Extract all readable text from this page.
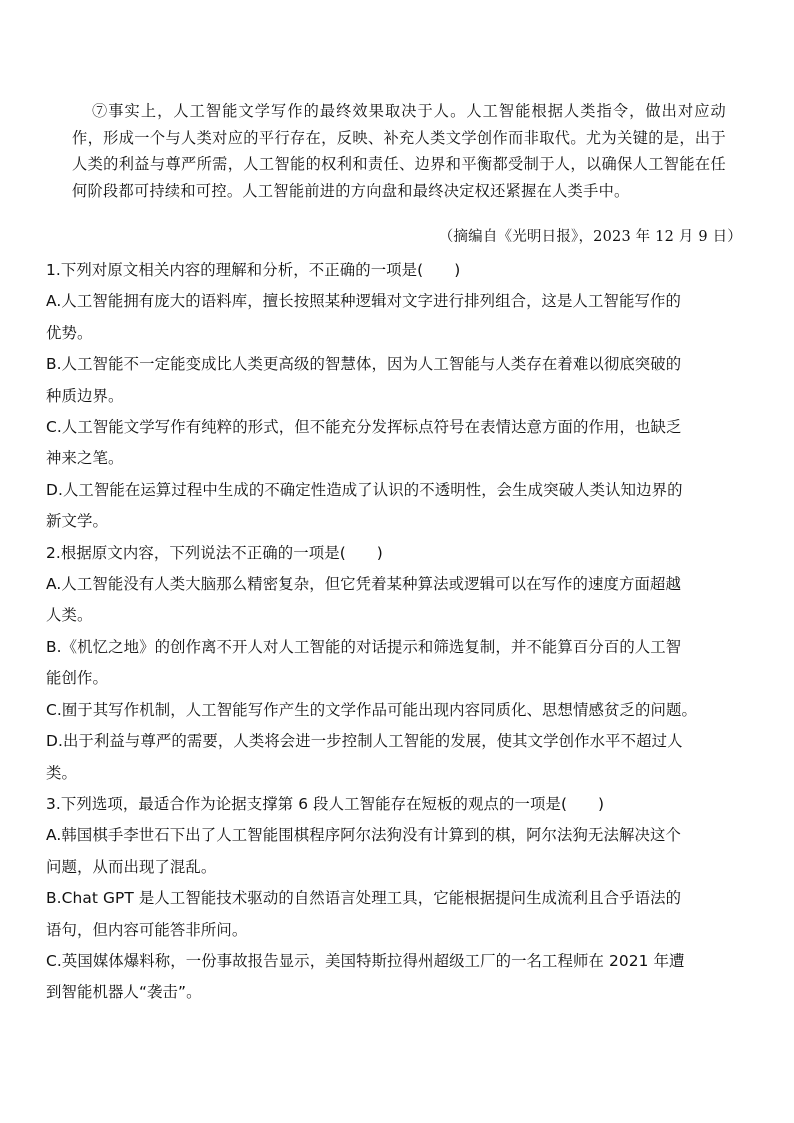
⑦事实上，人工智能文学写作的最终效果取决于人。人工智能根据人类指令，做出对应动作，形成一个与人类对应的平行存在，反映、补充人类文学创作而非取代。尤为关键的是，出于人类的利益与尊严所需，人工智能的权利和责任、边界和平衡都受制于人，以确保人工智能在任何阶段都可持续和可控。人工智能前进的方向盘和最终决定权还紧握在人类手中。
（摘编自《光明日报》，2023 年 12 月 9 日）
1.下列对原文相关内容的理解和分析，不正确的一项是(　　)
A.人工智能拥有庞大的语料库，擅长按照某种逻辑对文字进行排列组合，这是人工智能写作的
优势。
B.人工智能不一定能变成比人类更高级的智慧体，因为人工智能与人类存在着难以彻底突破的
种质边界。
C.人工智能文学写作有纯粹的形式，但不能充分发挥标点符号在表情达意方面的作用，也缺乏
神来之笔。
D.人工智能在运算过程中生成的不确定性造成了认识的不透明性，会生成突破人类认知边界的
新文学。
2.根据原文内容，下列说法不正确的一项是(　　)
A.人工智能没有人类大脑那么精密复杂，但它凭着某种算法或逻辑可以在写作的速度方面超越
人类。
B.《机忆之地》的创作离不开人对人工智能的对话提示和筛选复制，并不能算百分百的人工智
能创作。
C.囿于其写作机制，人工智能写作产生的文学作品可能出现内容同质化、思想情感贫乏的问题。
D.出于利益与尊严的需要，人类将会进一步控制人工智能的发展，使其文学创作水平不超过人
类。
3.下列选项，最适合作为论据支撑第 6 段人工智能存在短板的观点的一项是(　　)
A.韩国棋手李世石下出了人工智能围棋程序阿尔法狗没有计算到的棋，阿尔法狗无法解决这个
问题，从而出现了混乱。
B.Chat GPT 是人工智能技术驱动的自然语言处理工具，它能根据提问生成流利且合乎语法的
语句，但内容可能答非所问。
C.英国媒体爆料称，一份事故报告显示，美国特斯拉得州超级工厂的一名工程师在 2021 年遭
到智能机器人“袭击”。
